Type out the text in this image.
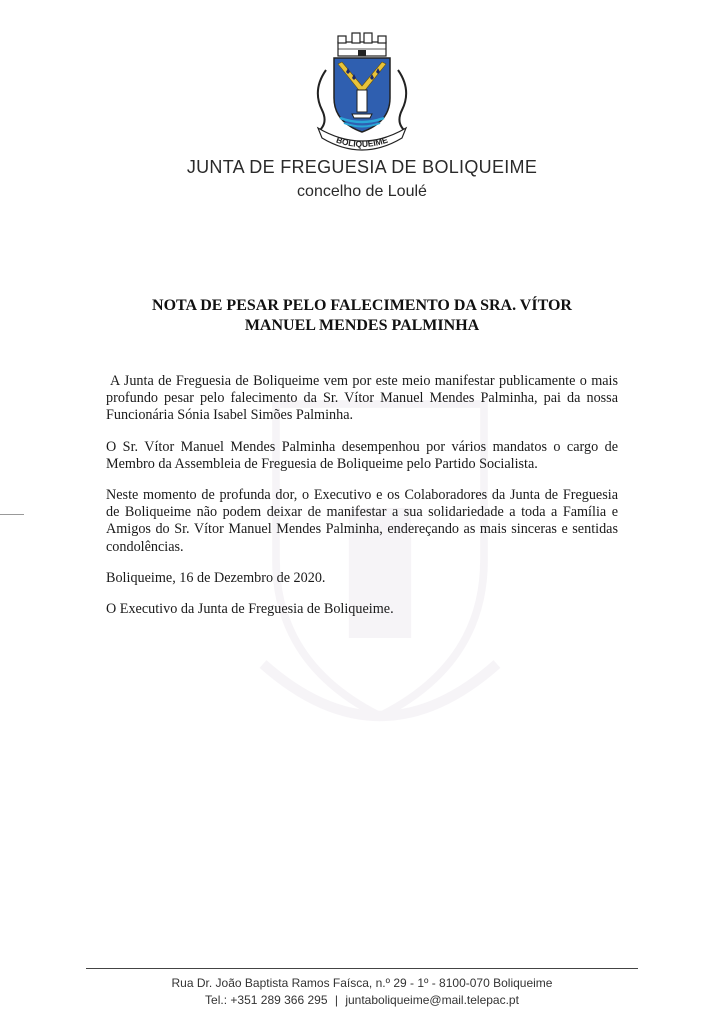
BOLIQUEIME
JUNTA DE FREGUESIA DE BOLIQUEIME
concelho de Loulé
NOTA DE PESAR PELO FALECIMENTO DA SRA. VÍTOR
MANUEL MENDES PALMINHA

A Junta de Freguesia de Boliqueime vem por este meio manifestar publicamente o mais profundo pesar pelo falecimento da Sr. Vítor Manuel Mendes Palminha, pai da nossa Funcionária Sónia Isabel Simões Palminha.

O Sr. Vítor Manuel Mendes Palminha desempenhou por vários mandatos o cargo de Membro da Assembleia de Freguesia de Boliqueime pelo Partido Socialista.

Neste momento de profunda dor, o Executivo e os Colaboradores da Junta de Freguesia de Boliqueime não podem deixar de manifestar a sua solidariedade a toda a Família e Amigos do Sr. Vítor Manuel Mendes Palminha, endereçando as mais sinceras e sentidas condolências.

Boliqueime, 16 de Dezembro de 2020.

O Executivo da Junta de Freguesia de Boliqueime.

Rua Dr. João Baptista Ramos Faísca, n.º 29 - 1º - 8100-070 Boliqueime
Tel.: +351 289 366 295 | juntaboliqueime@mail.telepac.pt
